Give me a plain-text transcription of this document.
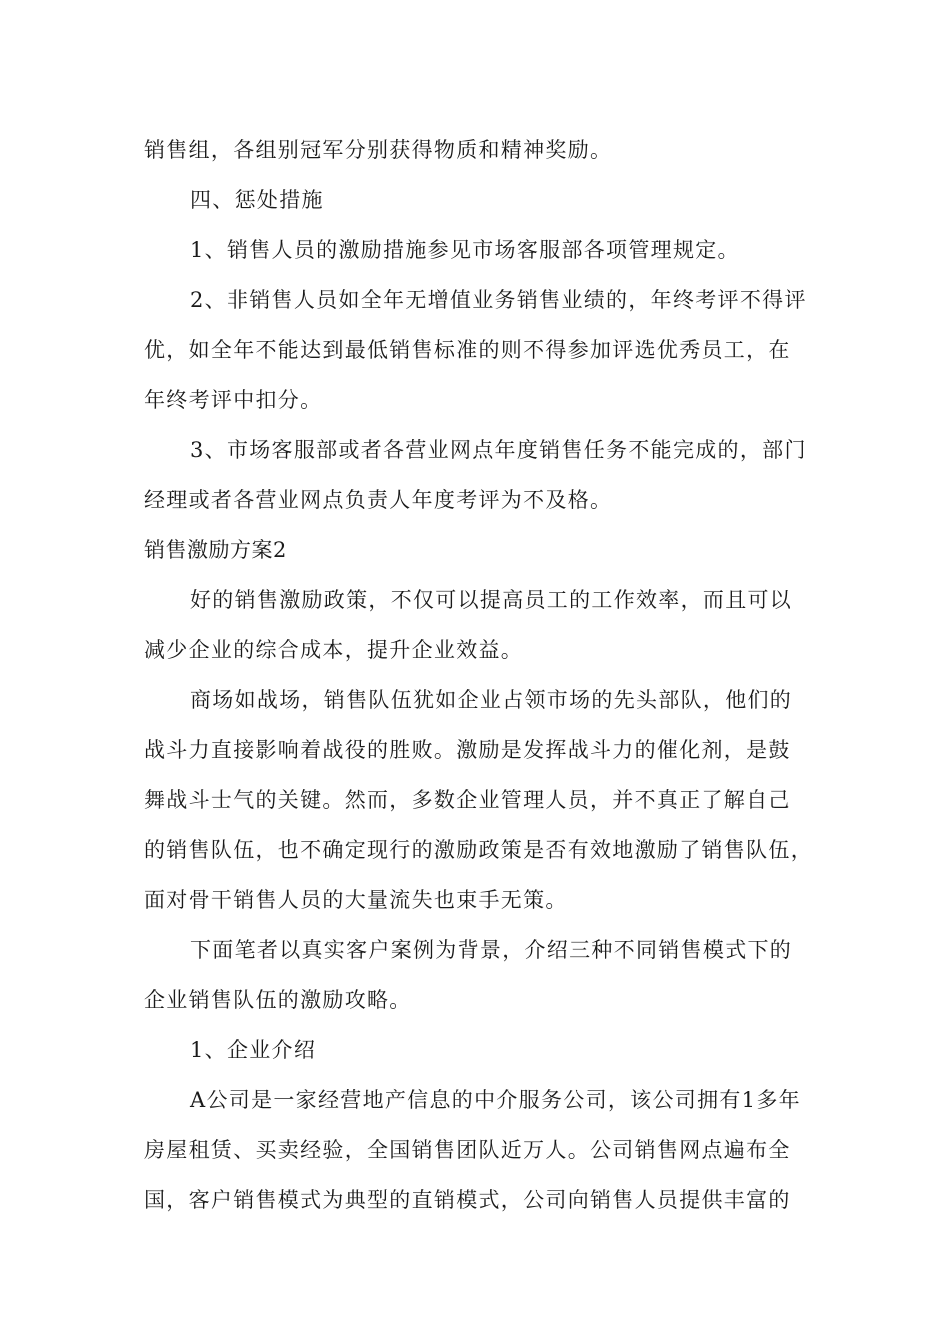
销售组，各组别冠军分别获得物质和精神奖励。
四、惩处措施
1、销售人员的激励措施参见市场客服部各项管理规定。
2、非销售人员如全年无增值业务销售业绩的，年终考评不得评
优，如全年不能达到最低销售标准的则不得参加评选优秀员工，在
年终考评中扣分。
3、市场客服部或者各营业网点年度销售任务不能完成的，部门
经理或者各营业网点负责人年度考评为不及格。
销售激励方案2
好的销售激励政策，不仅可以提高员工的工作效率，而且可以
减少企业的综合成本，提升企业效益。
商场如战场，销售队伍犹如企业占领市场的先头部队，他们的
战斗力直接影响着战役的胜败。激励是发挥战斗力的催化剂，是鼓
舞战斗士气的关键。然而，多数企业管理人员，并不真正了解自己
的销售队伍，也不确定现行的激励政策是否有效地激励了销售队伍，
面对骨干销售人员的大量流失也束手无策。
下面笔者以真实客户案例为背景，介绍三种不同销售模式下的
企业销售队伍的激励攻略。
1、企业介绍
A公司是一家经营地产信息的中介服务公司，该公司拥有1多年
房屋租赁、买卖经验，全国销售团队近万人。公司销售网点遍布全
国，客户销售模式为典型的直销模式，公司向销售人员提供丰富的
